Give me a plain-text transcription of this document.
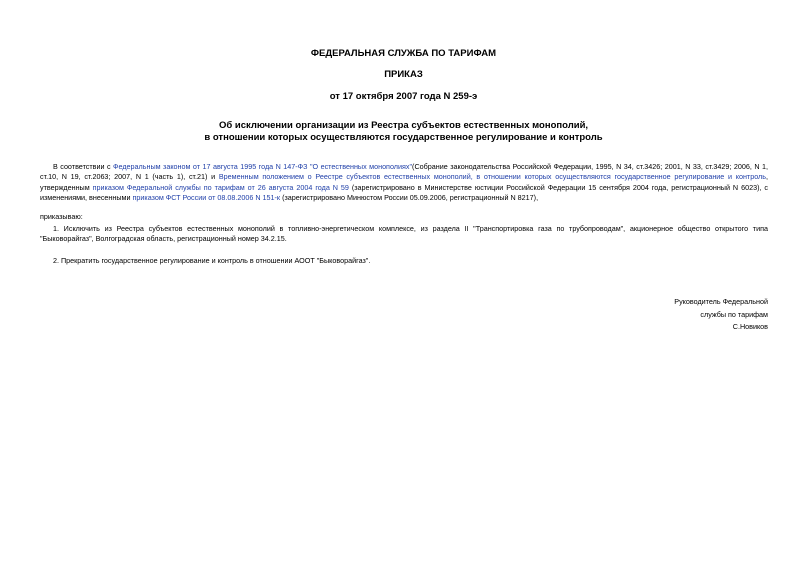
ФЕДЕРАЛЬНАЯ СЛУЖБА ПО ТАРИФАМ
ПРИКАЗ
от 17 октября 2007 года N 259-э
Об исключении организации из Реестра субъектов естественных монополий,
в отношении которых осуществляются государственное регулирование и контроль
В соответствии с Федеральным законом от 17 августа 1995 года N 147-ФЗ "О естественных монополиях"(Собрание законодательства Российской Федерации, 1995, N 34, ст.3426; 2001, N 33, ст.3429; 2006, N 1, ст.10, N 19, ст.2063; 2007, N 1 (часть 1), ст.21) и Временным положением о Реестре субъектов естественных монополий, в отношении которых осуществляются государственное регулирование и контроль, утвержденным приказом Федеральной службы по тарифам от 26 августа 2004 года N 59 (зарегистрировано в Министерстве юстиции Российской Федерации 15 сентября 2004 года, регистрационный N 6023), с изменениями, внесенными приказом ФСТ России от 08.08.2006 N 151-к (зарегистрировано Минюстом России 05.09.2006, регистрационный N 8217),
приказываю:
1. Исключить из Реестра субъектов естественных монополий в топливно-энергетическом комплексе, из раздела II "Транспортировка газа по трубопроводам", акционерное общество открытого типа "Быковорайгаз", Волгоградская область, регистрационный номер 34.2.15.
2. Прекратить государственное регулирование и контроль в отношении АООТ "Быковорайгаз".
Руководитель Федеральной
службы по тарифам
С.Новиков
